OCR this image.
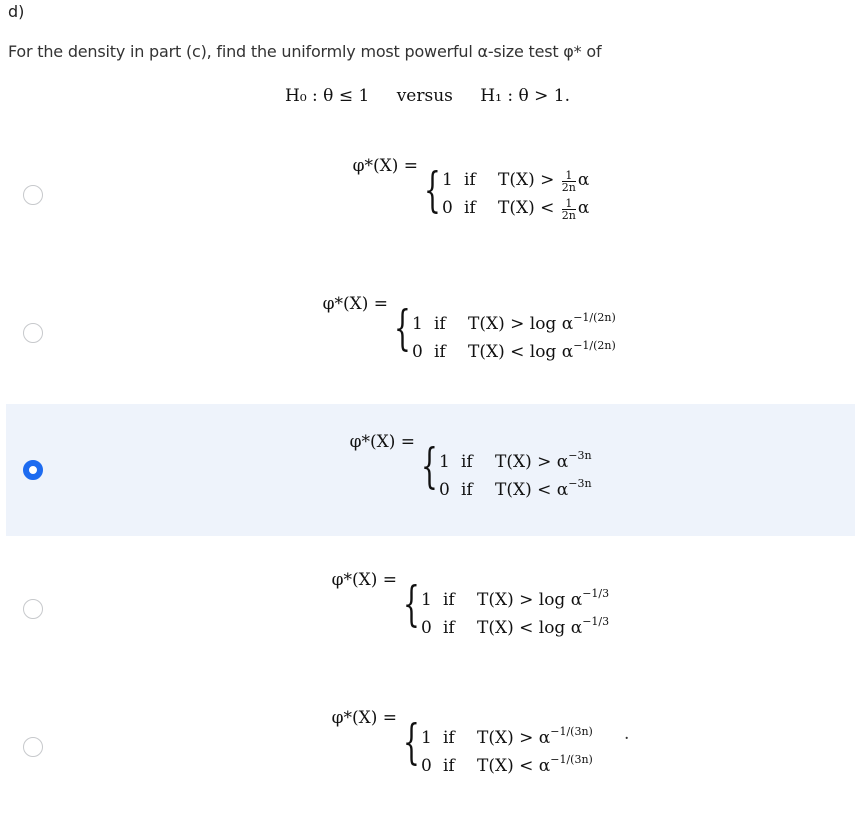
d)
For the density in part (c), find the uniformly most powerful α-size test φ* of
H₀ : θ ≤ 1 versus H₁ : θ > 1.
φ*(X) = { 1 if $T(X) > \frac{1}{2n}$ α
0 if $T(X) < \frac{1}{2n}$ α
φ*(X) = { 1 if $T(X) > \log \alpha^{-1/(2n)}$
0 if $T(X) < \log \alpha^{-1/(2n)}$
φ*(X) = { 1 if $T(X) > \alpha^{-3n}$
0 if $T(X) < \alpha^{-3n}$
φ*(X) = { 1 if $T(X) > \log \alpha^{-1/3}$
0 if $T(X) < \log \alpha^{-1/3}$
φ*(X) = { 1 if $T(X) > \alpha^{-1/(3n)}$
0 if $T(X) < \alpha^{-1/(3n)}$
.
